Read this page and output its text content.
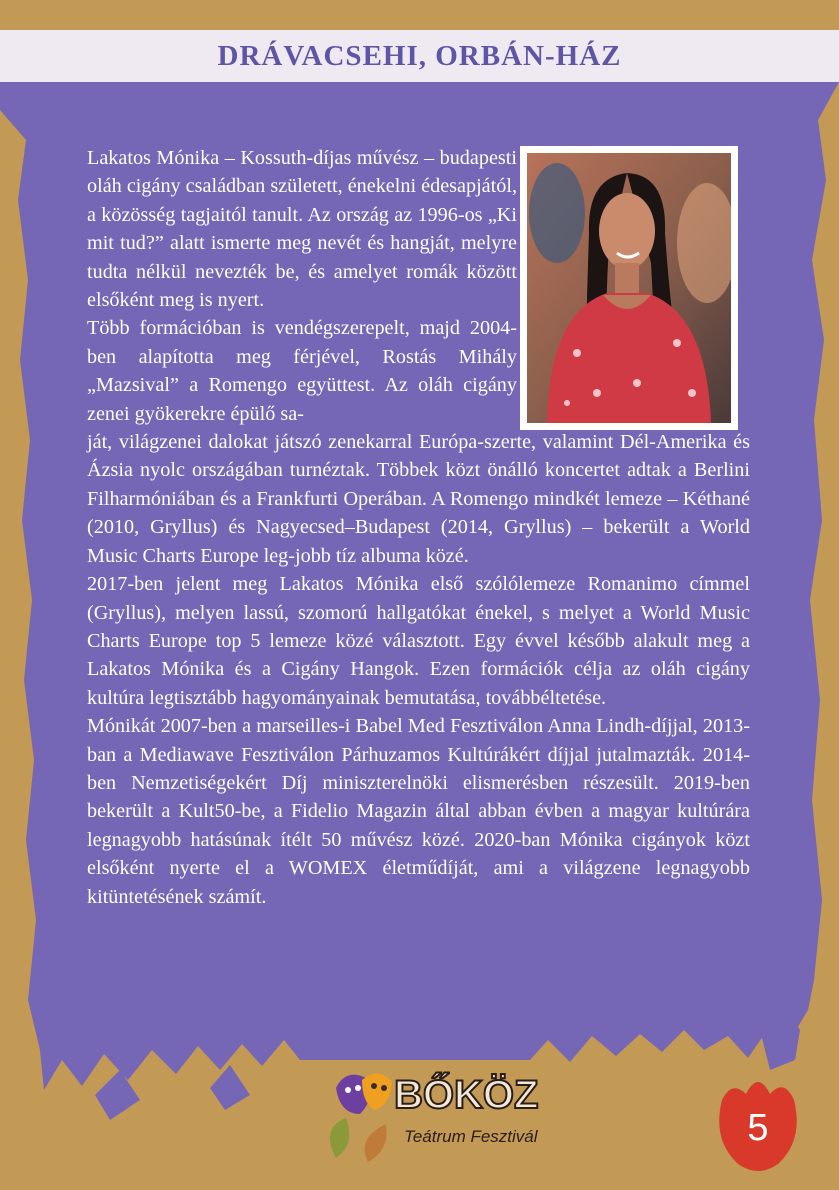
DRÁVACSEHI, ORBÁN-HÁZ

Lakatos Mónika – Kossuth-díjas művész – budapesti oláh cigány családban született, énekelni édesapjától, a közösség tagjaitól tanult. Az ország az 1996-os „Ki mit tud?” alatt ismerte meg nevét és hangját, melyre tudta nélkül nevezték be, és amelyet romák között elsőként meg is nyert.

Több formációban is vendégszerepelt, majd 2004-ben alapította meg férjével, Rostás Mihály „Mazsival” a Romengo együttest. Az oláh cigány zenei gyökerekre épülő sa-

ját, világzenei dalokat játszó zenekarral Európa-szerte, valamint Dél-Amerika és Ázsia nyolc országában turnéztak. Többek közt önálló koncertet adtak a Berlini Filharmóniában és a Frankfurti Operában. A Romengo mindkét lemeze – Kéthané (2010, Gryllus) és Nagyecsed–Budapest (2014, Gryllus) – bekerült a World Music Charts Europe leg-jobb tíz albuma közé.

2017-ben jelent meg Lakatos Mónika első szólólemeze Romanimo címmel (Gryllus), melyen lassú, szomorú hallgatókat énekel, s melyet a World Music Charts Europe top 5 lemeze közé választott. Egy évvel később alakult meg a Lakatos Mónika és a Cigány Hangok. Ezen formációk célja az oláh cigány kultúra legtisztább hagyományainak bemutatása, továbbéltetése.

Mónikát 2007-ben a marseilles-i Babel Med Fesztiválon Anna Lindh-díjjal, 2013-ban a Mediawave Fesztiválon Párhuzamos Kultúrákért díjjal jutalmazták. 2014-ben Nemzetiségekért Díj miniszterelnöki elismerésben részesült. 2019-ben bekerült a Kult50-be, a Fidelio Magazin által abban évben a magyar kultúrára legnagyobb hatásúnak ítélt 50 művész közé. 2020-ban Mónika cigányok közt elsőként nyerte el a WOMEX életműdíját, ami a világzene legnagyobb kitüntetésének számít.

BŐKÖZ
Teátrum Fesztivál	5
